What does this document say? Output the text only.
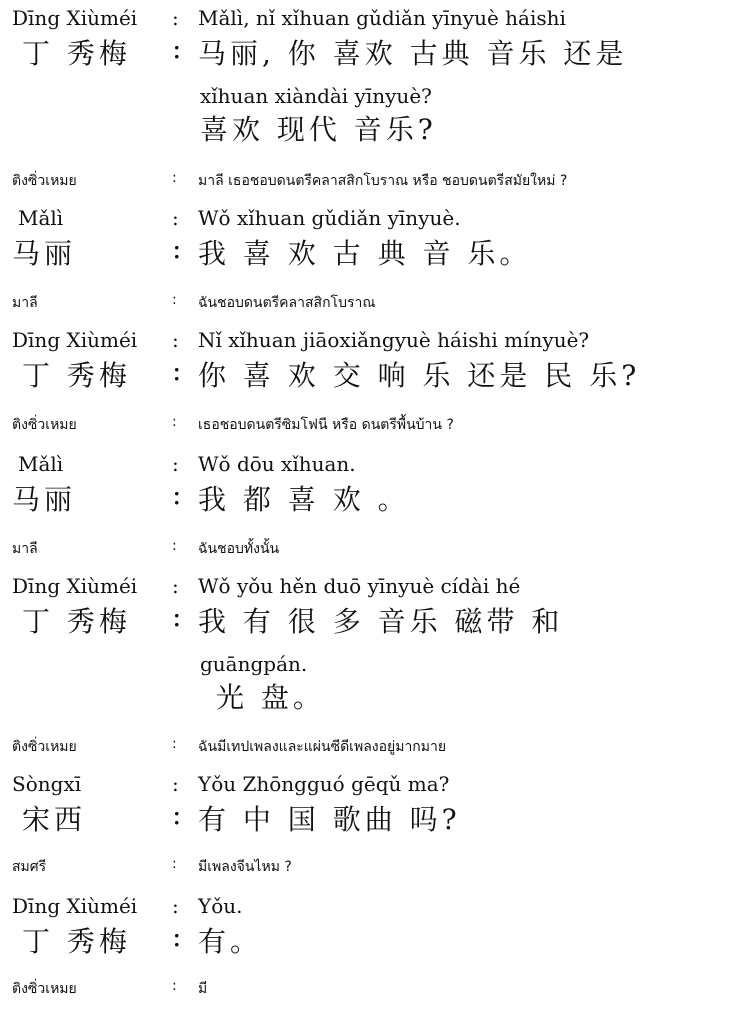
Dīng Xiùméi : Mǎlì, nǐ xǐhuan gǔdiǎn yīnyuè háishi
丁 秀梅 : 马丽, 你 喜欢 古典 音乐 还是
xǐhuan xiàndài yīnyuè?
喜欢 现代 音乐?
ติงซิ่วเหมย	: มาลี เธอชอบดนตรีคลาสสิกโบราณ หรือ ชอบดนตรีสมัยใหม่ ?
Mǎlì	: Wǒ xǐhuan gǔdiǎn yīnyuè.
马丽	: 我 喜 欢 古 典 音 乐。
มาลี	: ฉันชอบดนตรีคลาสสิกโบราณ
Dīng Xiùméi : Nǐ xǐhuan jiāoxiǎngyuè háishi mínyuè?
丁 秀梅 : 你 喜 欢 交 响 乐 还是 民 乐?
ติงซิ่วเหมย	: เธอชอบดนตรีซิมโฟนี หรือ ดนตรีพื้นบ้าน ?
Mǎlì	: Wǒ dōu xǐhuan.
马丽	: 我 都 喜 欢 。
มาลี	: ฉันชอบทั้งนั้น
Dīng Xiùméi : Wǒ yǒu hěn duō yīnyuè cídài hé
丁 秀梅 : 我 有 很 多 音乐 磁带 和
guāngpán.
光 盘。
ติงซิ่วเหมย	: ฉันมีเทปเพลงและแผ่นซีดีเพลงอยู่มากมาย
Sòngxī	: Yǒu Zhōngguó gēqǔ ma?
宋西	: 有 中 国 歌曲 吗?
สมศรี	: มีเพลงจีนไหม ?
Dīng Xiùméi : Yǒu.
丁 秀梅 : 有。
ติงซิ่วเหมย	: มี
